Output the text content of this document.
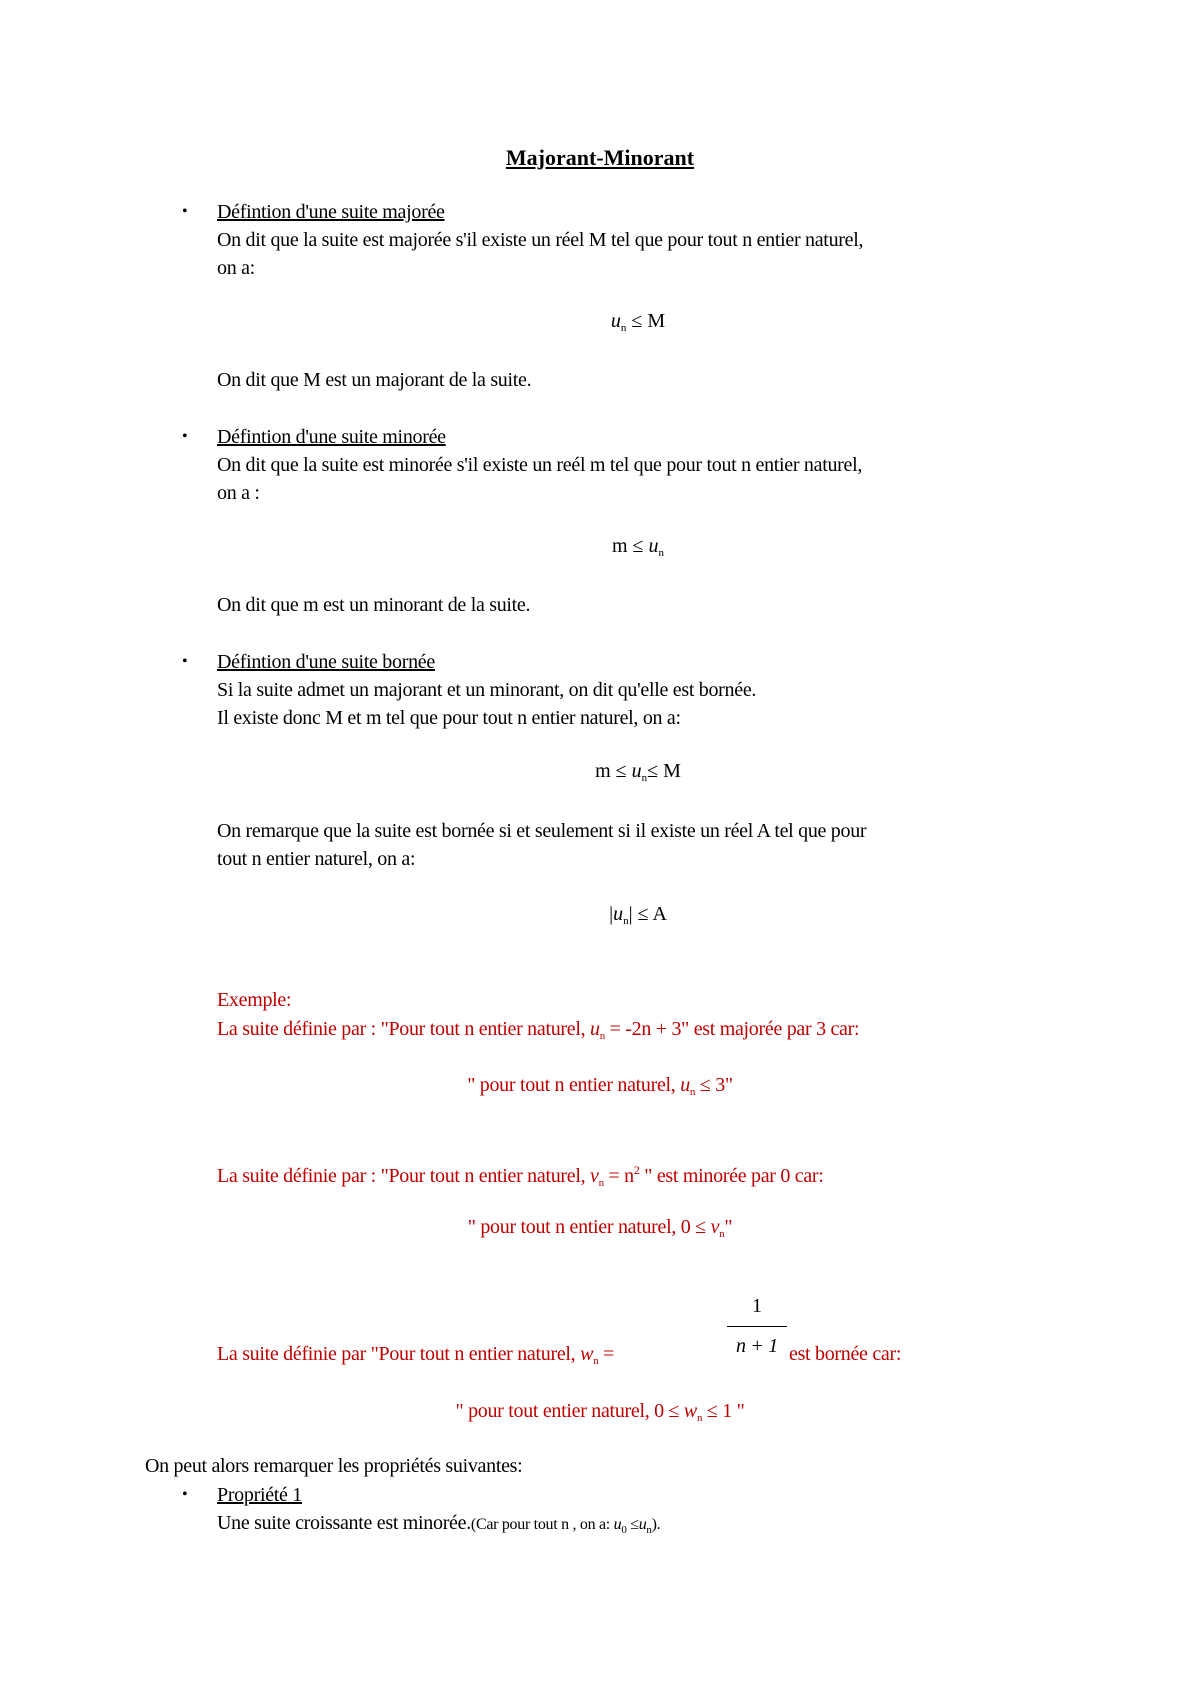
Majorant-Minorant
• Défintion d'une suite majorée
On dit que la suite est majorée s'il existe un réel M tel que pour tout n entier naturel,
on a:
$u_n \le M$
On dit que M est un majorant de la suite.
• Défintion d'une suite minorée
On dit que la suite est minorée s'il existe un reél m tel que pour tout n entier naturel,
on a :
$m \le u_n$
On dit que m est un minorant de la suite.
• Défintion d'une suite bornée
Si la suite admet un majorant et un minorant, on dit qu'elle est bornée.
Il existe donc M et m tel que pour tout n entier naturel, on a:
$m \le u_n\le M$
On remarque que la suite est bornée si et seulement si il existe un réel A tel que pour
tout n entier naturel, on a:
$|u_n| \le A$
Exemple:
La suite définie par : "Pour tout n entier naturel, $u_n = -2n + 3$" est majorée par 3 car:
" pour tout n entier naturel, $u_n \le 3$"
La suite définie par : "Pour tout n entier naturel, $v_n = n^2$ " est minorée par 0 car:
" pour tout n entier naturel, $0 \le v_n$"
1
La suite définie par "Pour tout n entier naturel, $w_n$ =	n + 1 est bornée car:
" pour tout entier naturel, $0 \le w_n \le 1$ "
On peut alors remarquer les propriétés suivantes:
• Propriété 1
Une suite croissante est minorée.(Car pour tout n , on a: $u_0 \le u_n$).
